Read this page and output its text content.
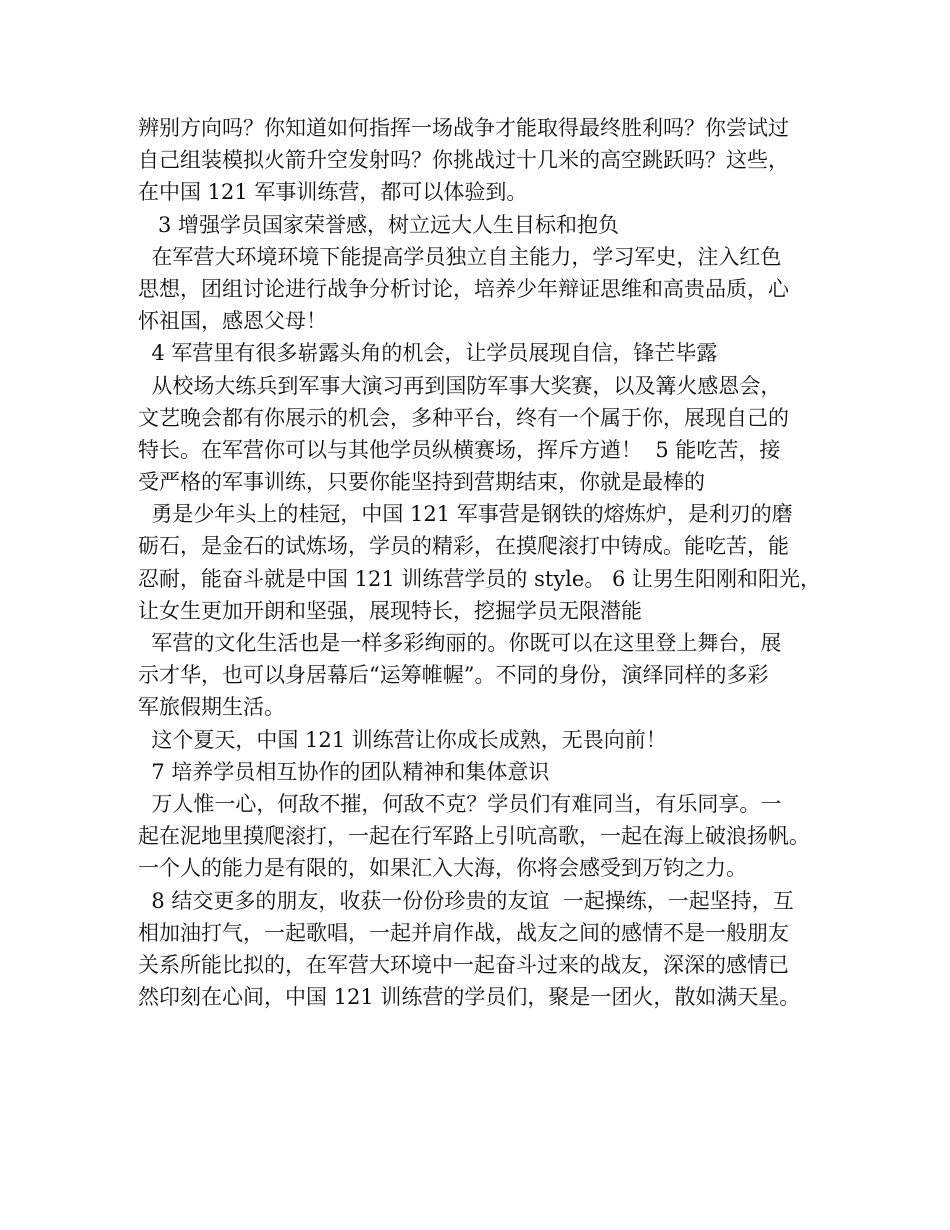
辨别方向吗？你知道如何指挥一场战争才能取得最终胜利吗？你尝试过
自己组装模拟火箭升空发射吗？你挑战过十几米的高空跳跃吗？这些，
在中国 121 军事训练营，都可以体验到。
3 增强学员国家荣誉感，树立远大人生目标和抱负
在军营大环境环境下能提高学员独立自主能力，学习军史，注入红色
思想，团组讨论进行战争分析讨论，培养少年辩证思维和高贵品质，心
怀祖国，感恩父母！
4 军营里有很多崭露头角的机会，让学员展现自信，锋芒毕露
从校场大练兵到军事大演习再到国防军事大奖赛，以及篝火感恩会，
文艺晚会都有你展示的机会，多种平台，终有一个属于你，展现自己的
特长。在军营你可以与其他学员纵横赛场，挥斥方遒！  5 能吃苦，接
受严格的军事训练，只要你能坚持到营期结束，你就是最棒的
勇是少年头上的桂冠，中国 121 军事营是钢铁的熔炼炉，是利刃的磨
砺石，是金石的试炼场，学员的精彩，在摸爬滚打中铸成。能吃苦，能
忍耐，能奋斗就是中国 121 训练营学员的 style。 6 让男生阳刚和阳光，
让女生更加开朗和坚强，展现特长，挖掘学员无限潜能
军营的文化生活也是一样多彩绚丽的。你既可以在这里登上舞台，展
示才华，也可以身居幕后“运筹帷幄”。不同的身份，演绎同样的多彩
军旅假期生活。
这个夏天，中国 121 训练营让你成长成熟，无畏向前！
7 培养学员相互协作的团队精神和集体意识
万人惟一心，何敌不摧，何敌不克？学员们有难同当，有乐同享。一
起在泥地里摸爬滚打，一起在行军路上引吭高歌，一起在海上破浪扬帆。
一个人的能力是有限的，如果汇入大海，你将会感受到万钧之力。
8 结交更多的朋友，收获一份份珍贵的友谊  一起操练，一起坚持，互
相加油打气，一起歌唱，一起并肩作战，战友之间的感情不是一般朋友
关系所能比拟的，在军营大环境中一起奋斗过来的战友，深深的感情已
然印刻在心间，中国 121 训练营的学员们，聚是一团火，散如满天星。
